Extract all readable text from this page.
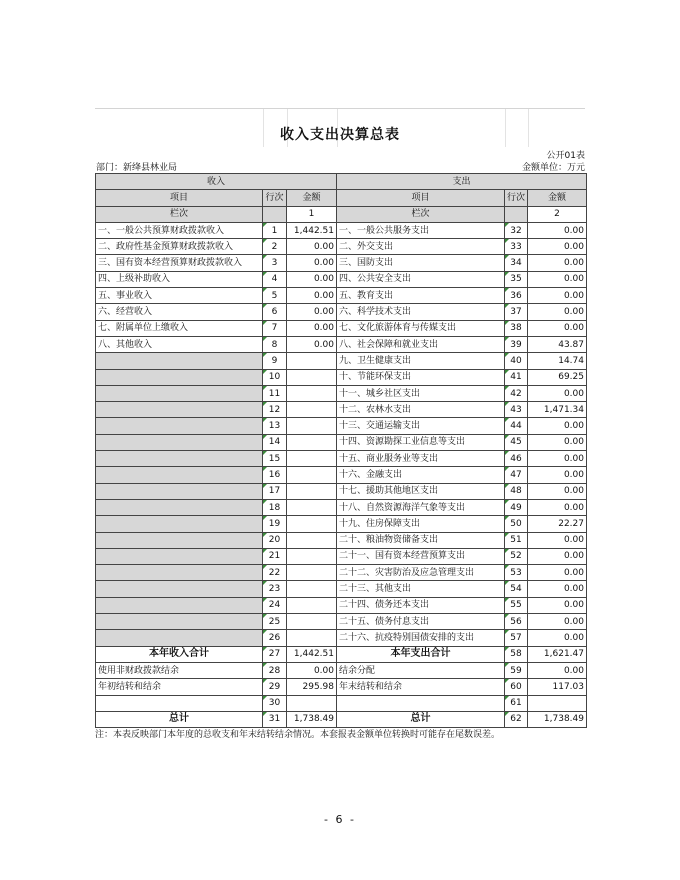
收入支出决算总表
公开01表
部门：新绛县林业局	金额单位：万元
收入			支出		
项目	行次	金额	项目	行次	金额
栏次		1	栏次		2
一、一般公共预算财政拨款收入	1	1,442.51	一、一般公共服务支出	32	0.00
二、政府性基金预算财政拨款收入	2	0.00	二、外交支出	33	0.00
三、国有资本经营预算财政拨款收入	3	0.00	三、国防支出	34	0.00
四、上级补助收入	4	0.00	四、公共安全支出	35	0.00
五、事业收入	5	0.00	五、教育支出	36	0.00
六、经营收入	6	0.00	六、科学技术支出	37	0.00
七、附属单位上缴收入	7	0.00	七、文化旅游体育与传媒支出	38	0.00
八、其他收入	8	0.00	八、社会保障和就业支出	39	43.87
	9		九、卫生健康支出	40	14.74
	10		十、节能环保支出	41	69.25
	11		十一、城乡社区支出	42	0.00
	12		十二、农林水支出	43	1,471.34
	13		十三、交通运输支出	44	0.00
	14		十四、资源勘探工业信息等支出	45	0.00
	15		十五、商业服务业等支出	46	0.00
	16		十六、金融支出	47	0.00
	17		十七、援助其他地区支出	48	0.00
	18		十八、自然资源海洋气象等支出	49	0.00
	19		十九、住房保障支出	50	22.27
	20		二十、粮油物资储备支出	51	0.00
	21		二十一、国有资本经营预算支出	52	0.00
	22		二十二、灾害防治及应急管理支出	53	0.00
	23		二十三、其他支出	54	0.00
	24		二十四、债务还本支出	55	0.00
	25		二十五、债务付息支出	56	0.00
	26		二十六、抗疫特别国债安排的支出	57	0.00
本年收入合计	27	1,442.51	本年支出合计	58	1,621.47
使用非财政拨款结余	28	0.00	结余分配	59	0.00
年初结转和结余	29	295.98	年末结转和结余	60	117.03
	30			61	
总计	31	1,738.49	总计	62	1,738.49
注：本表反映部门本年度的总收支和年末结转结余情况。本套报表金额单位转换时可能存在尾数误差。
- 6 -
